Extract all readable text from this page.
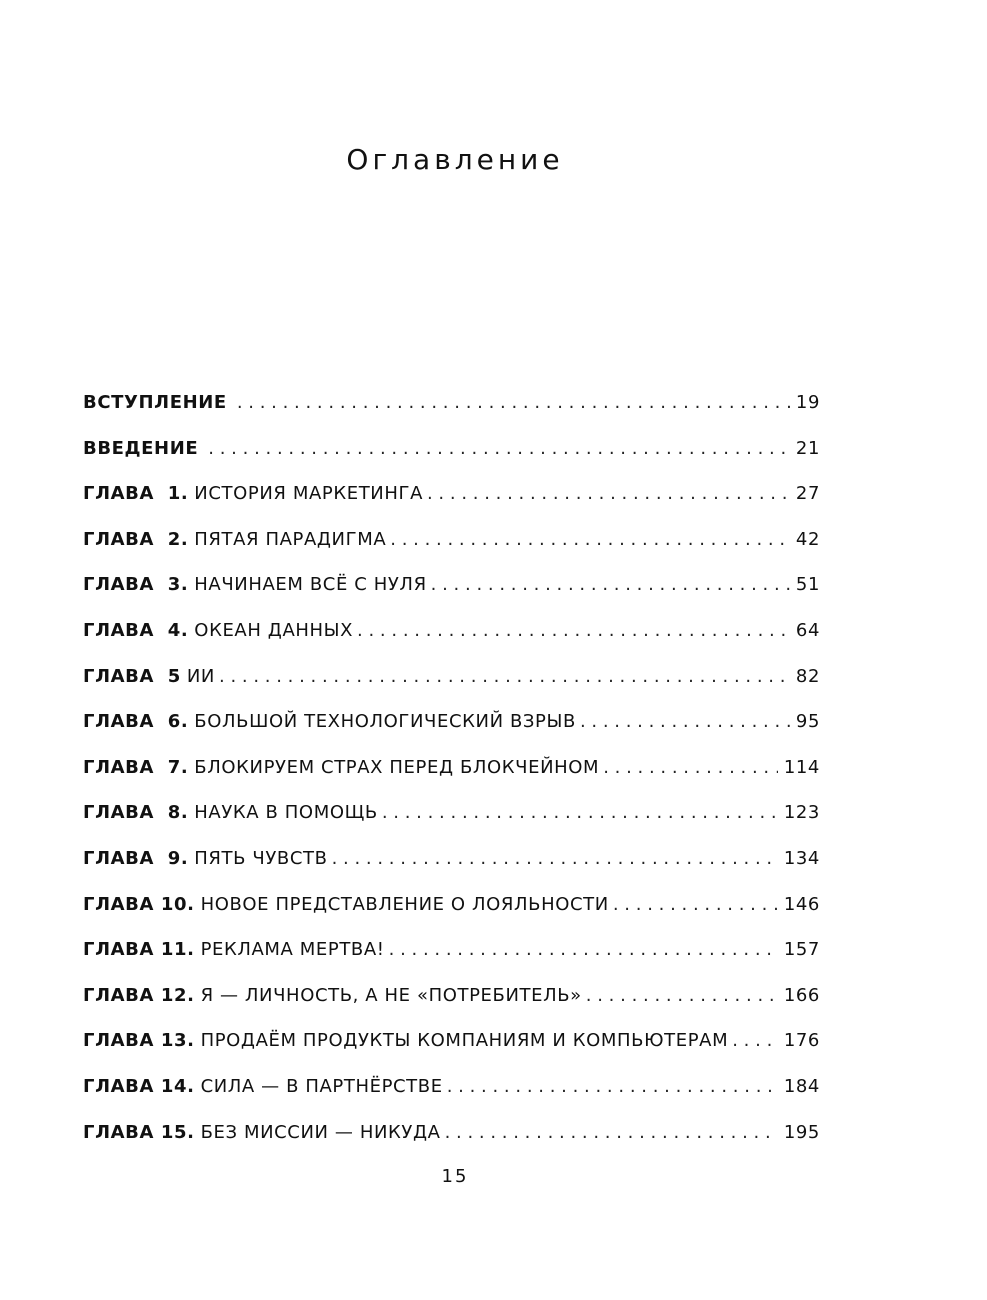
Оглавление
ВСТУПЛЕНИЕ . . .	19
ВВЕДЕНИЕ . . .	21
ГЛАВА  1. ИСТОРИЯ МАРКЕТИНГА . . .	27
ГЛАВА  2. ПЯТАЯ ПАРАДИГМА . . .	42
ГЛАВА  3. НАЧИНАЕМ ВСЁ С НУЛЯ . . .	51
ГЛАВА  4. ОКЕАН ДАННЫХ . . .	64
ГЛАВА  5 ИИ . . .	82
ГЛАВА  6. БОЛЬШОЙ ТЕХНОЛОГИЧЕСКИЙ ВЗРЫВ . . .	95
ГЛАВА  7. БЛОКИРУЕМ СТРАХ ПЕРЕД БЛОКЧЕЙНОМ . . .	114
ГЛАВА  8. НАУКА В ПОМОЩЬ . . .	123
ГЛАВА  9. ПЯТЬ ЧУВСТВ . . .	134
ГЛАВА 10. НОВОЕ ПРЕДСТАВЛЕНИЕ О ЛОЯЛЬНОСТИ . . .	146
ГЛАВА 11. РЕКЛАМА МЕРТВА! . . .	157
ГЛАВА 12. Я — ЛИЧНОСТЬ, А НЕ «ПОТРЕБИТЕЛЬ» . . .	166
ГЛАВА 13. ПРОДАЁМ ПРОДУКТЫ КОМПАНИЯМ И КОМПЬЮТЕРАМ . . .	176
ГЛАВА 14. СИЛА — В ПАРТНЁРСТВЕ . . .	184
ГЛАВА 15. БЕЗ МИССИИ — НИКУДА . . .	195
15
